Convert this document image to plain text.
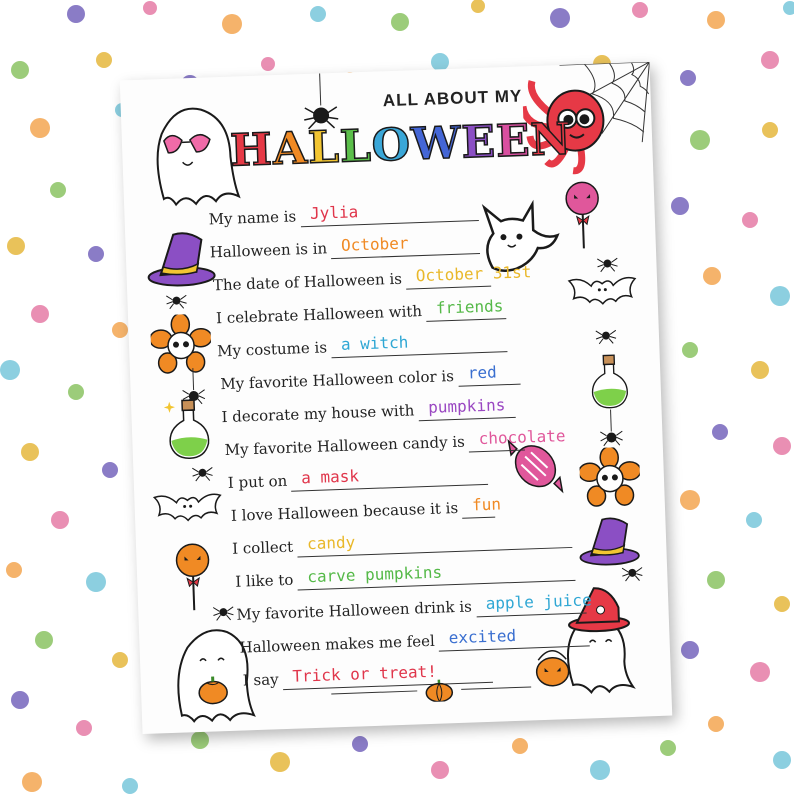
ALL ABOUT MY
HALLOWEEN
My name is Jylia
Halloween is in October
The date of Halloween is October 31st
I celebrate Halloween with friends
My costume is a witch
My favorite Halloween color is red
I decorate my house with pumpkins
My favorite Halloween candy is chocolate
I put on a mask
I love Halloween because it is fun
I collect candy
I like to carve pumpkins
My favorite Halloween drink is apple juice
Halloween makes me feel excited
I say Trick or treat!
